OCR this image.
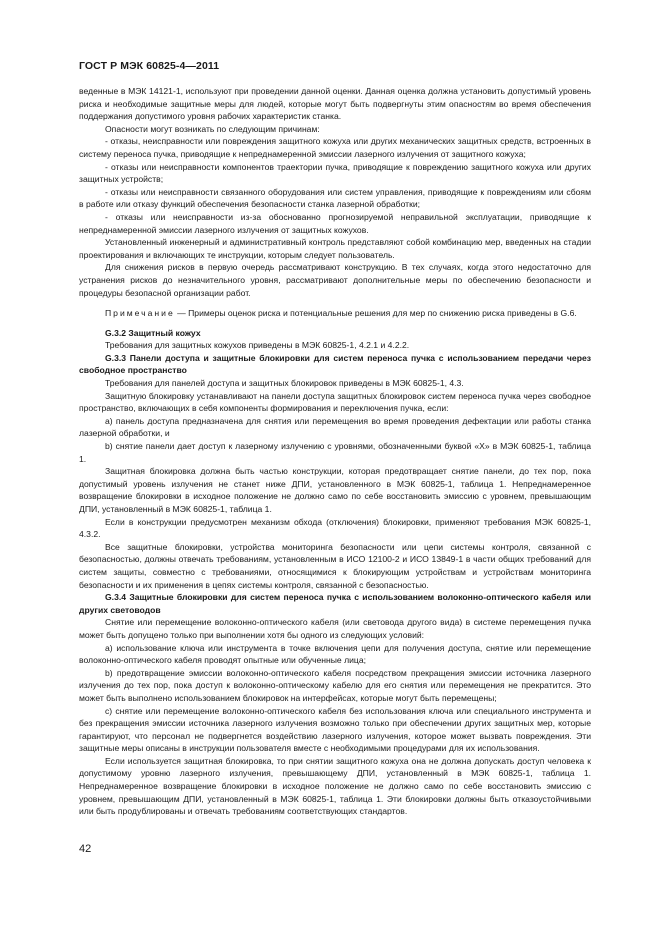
ГОСТ Р МЭК 60825-4—2011

веденные в МЭК 14121-1, используют при проведении данной оценки. Данная оценка должна установить допустимый уровень риска и необходимые защитные меры для людей, которые могут быть подвергнуты этим опасностям во время обеспечения поддержания допустимого уровня рабочих характеристик станка.

Опасности могут возникать по следующим причинам:

- отказы, неисправности или повреждения защитного кожуха или других механических защитных средств, встроенных в систему переноса пучка, приводящие к непреднамеренной эмиссии лазерного излучения от защитного кожуха;

- отказы или неисправности компонентов траектории пучка, приводящие к повреждению защитного кожуха или других защитных устройств;

- отказы или неисправности связанного оборудования или систем управления, приводящие к повреждениям или сбоям в работе или отказу функций обеспечения безопасности станка лазерной обработки;

- отказы или неисправности из-за обоснованно прогнозируемой неправильной эксплуатации, приводящие к непреднамеренной эмиссии лазерного излучения от защитных кожухов.

Установленный инженерный и административный контроль представляют собой комбинацию мер, введенных на стадии проектирования и включающих те инструкции, которым следует пользователь.

Для снижения рисков в первую очередь рассматривают конструкцию. В тех случаях, когда этого недостаточно для устранения рисков до незначительного уровня, рассматривают дополнительные меры по обеспечению безопасности и процедуры безопасной организации работ.

Примечание — Примеры оценок риска и потенциальные решения для мер по снижению риска приведены в G.6.

G.3.2 Защитный кожух

Требования для защитных кожухов приведены в МЭК 60825-1, 4.2.1 и 4.2.2.

G.3.3 Панели доступа и защитные блокировки для систем переноса пучка с использованием передачи через свободное пространство

Требования для панелей доступа и защитных блокировок приведены в МЭК 60825-1, 4.3.

Защитную блокировку устанавливают на панели доступа защитных блокировок систем переноса пучка через свободное пространство, включающих в себя компоненты формирования и переключения пучка, если:

а) панель доступа предназначена для снятия или перемещения во время проведения дефектации или работы станка лазерной обработки, и

b) снятие панели дает доступ к лазерному излучению с уровнями, обозначенными буквой «X» в МЭК 60825-1, таблица 1.

Защитная блокировка должна быть частью конструкции, которая предотвращает снятие панели, до тех пор, пока допустимый уровень излучения не станет ниже ДПИ, установленного в МЭК 60825-1, таблица 1. Непреднамеренное возвращение блокировки в исходное положение не должно само по себе восстановить эмиссию с уровнем, превышающим ДПИ, установленный в МЭК 60825-1, таблица 1.

Если в конструкции предусмотрен механизм обхода (отключения) блокировки, применяют требования МЭК 60825-1, 4.3.2.

Все защитные блокировки, устройства мониторинга безопасности или цепи системы контроля, связанной с безопасностью, должны отвечать требованиям, установленным в ИСО 12100-2 и ИСО 13849-1 в части общих требований для систем защиты, совместно с требованиями, относящимися к блокирующим устройствам и устройствам мониторинга безопасности и их применения в цепях системы контроля, связанной с безопасностью.

G.3.4 Защитные блокировки для систем переноса пучка с использованием волоконно-оптического кабеля или других световодов

Снятие или перемещение волоконно-оптического кабеля (или световода другого вида) в системе перемещения пучка может быть допущено только при выполнении хотя бы одного из следующих условий:

а) использование ключа или инструмента в точке включения цепи для получения доступа, снятие или перемещение волоконно-оптического кабеля проводят опытные или обученные лица;

b) предотвращение эмиссии волоконно-оптического кабеля посредством прекращения эмиссии источника лазерного излучения до тех пор, пока доступ к волоконно-оптическому кабелю для его снятия или перемещения не прекратится. Это может быть выполнено использованием блокировок на интерфейсах, которые могут быть перемещены;

с) снятие или перемещение волоконно-оптического кабеля без использования ключа или специального инструмента и без прекращения эмиссии источника лазерного излучения возможно только при обеспечении других защитных мер, которые гарантируют, что персонал не подвергнется воздействию лазерного излучения, которое может вызвать повреждения. Эти защитные меры описаны в инструкции пользователя вместе с необходимыми процедурами для их использования.

Если используется защитная блокировка, то при снятии защитного кожуха она не должна допускать доступ человека к допустимому уровню лазерного излучения, превышающему ДПИ, установленный в МЭК 60825-1, таблица 1. Непреднамеренное возвращение блокировки в исходное положение не должно само по себе восстановить эмиссию с уровнем, превышающим ДПИ, установленный в МЭК 60825-1, таблица 1. Эти блокировки должны быть отказоустойчивыми или быть продублированы и отвечать требованиям соответствующих стандартов.

42
